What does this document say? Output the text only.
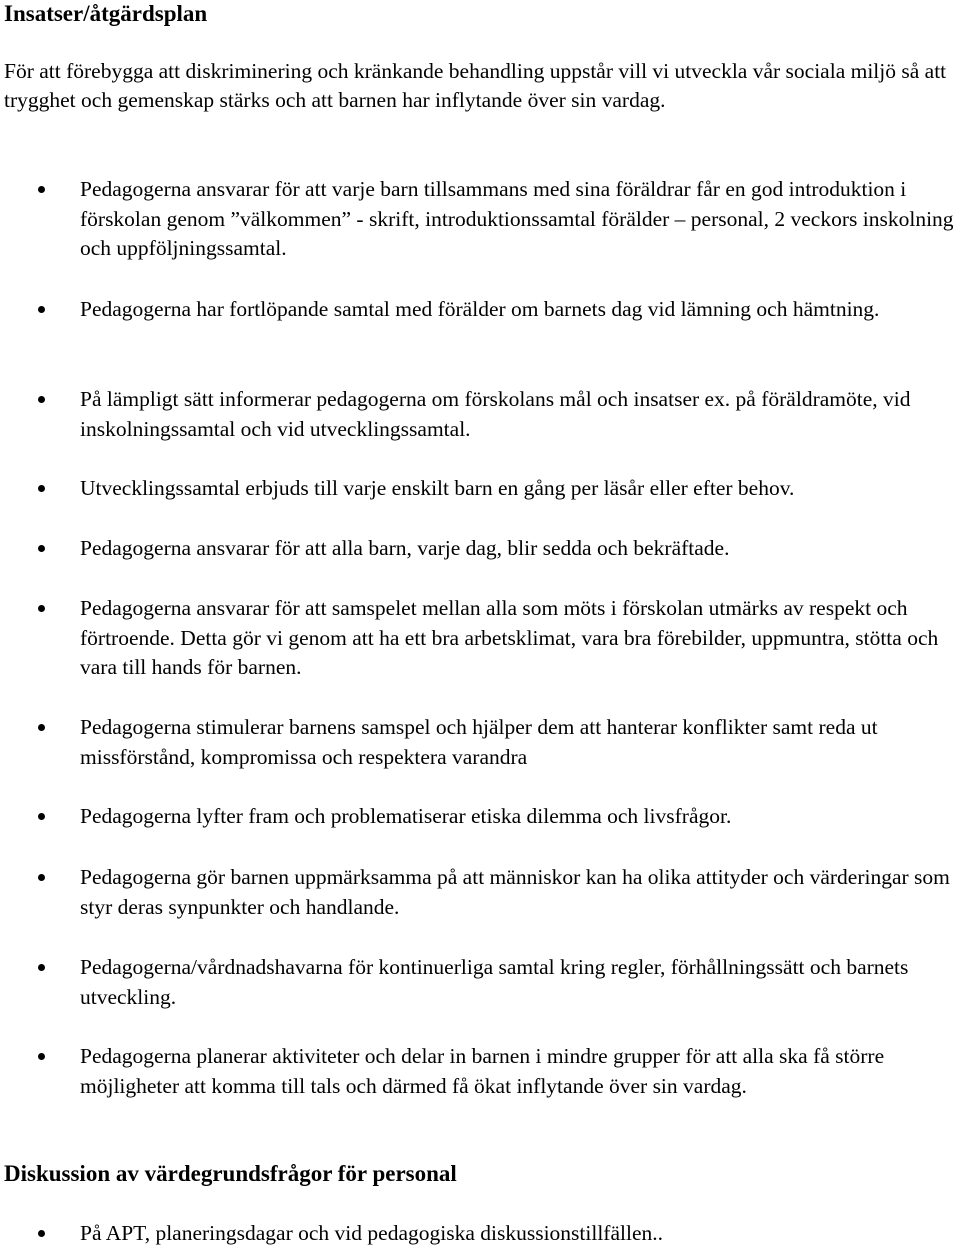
Insatser/åtgärdsplan

För att förebygga att diskriminering och kränkande behandling uppstår vill vi utveckla vår sociala miljö så att trygghet och gemenskap stärks och att barnen har inflytande över sin vardag.

Pedagogerna ansvarar för att varje barn tillsammans med sina föräldrar får en god introduktion i förskolan genom ”välkommen” - skrift, introduktionssamtal förälder – personal, 2 veckors inskolning och uppföljningssamtal.
Pedagogerna har fortlöpande samtal med förälder om barnets dag vid lämning och hämtning.
På lämpligt sätt informerar pedagogerna om förskolans mål och insatser ex. på föräldramöte, vid inskolningssamtal och vid utvecklingssamtal.
Utvecklingssamtal erbjuds till varje enskilt barn en gång per läsår eller efter behov.
Pedagogerna ansvarar för att alla barn, varje dag, blir sedda och bekräftade.
Pedagogerna ansvarar för att samspelet mellan alla som möts i förskolan utmärks av respekt och förtroende. Detta gör vi genom att ha ett bra arbetsklimat, vara bra förebilder, uppmuntra, stötta och vara till hands för barnen.
Pedagogerna stimulerar barnens samspel och hjälper dem att hanterar konflikter samt reda ut missförstånd, kompromissa och respektera varandra
Pedagogerna lyfter fram och problematiserar etiska dilemma och livsfrågor.
Pedagogerna gör barnen uppmärksamma på att människor kan ha olika attityder och värderingar som styr deras synpunkter och handlande.
Pedagogerna/vårdnadshavarna för kontinuerliga samtal kring regler, förhållningssätt och barnets utveckling.
Pedagogerna planerar aktiviteter och delar in barnen i mindre grupper för att alla ska få större möjligheter att komma till tals och därmed få ökat inflytande över sin vardag.
Diskussion av värdegrundsfrågor för personal
På APT, planeringsdagar och vid pedagogiska diskussionstillfällen..
